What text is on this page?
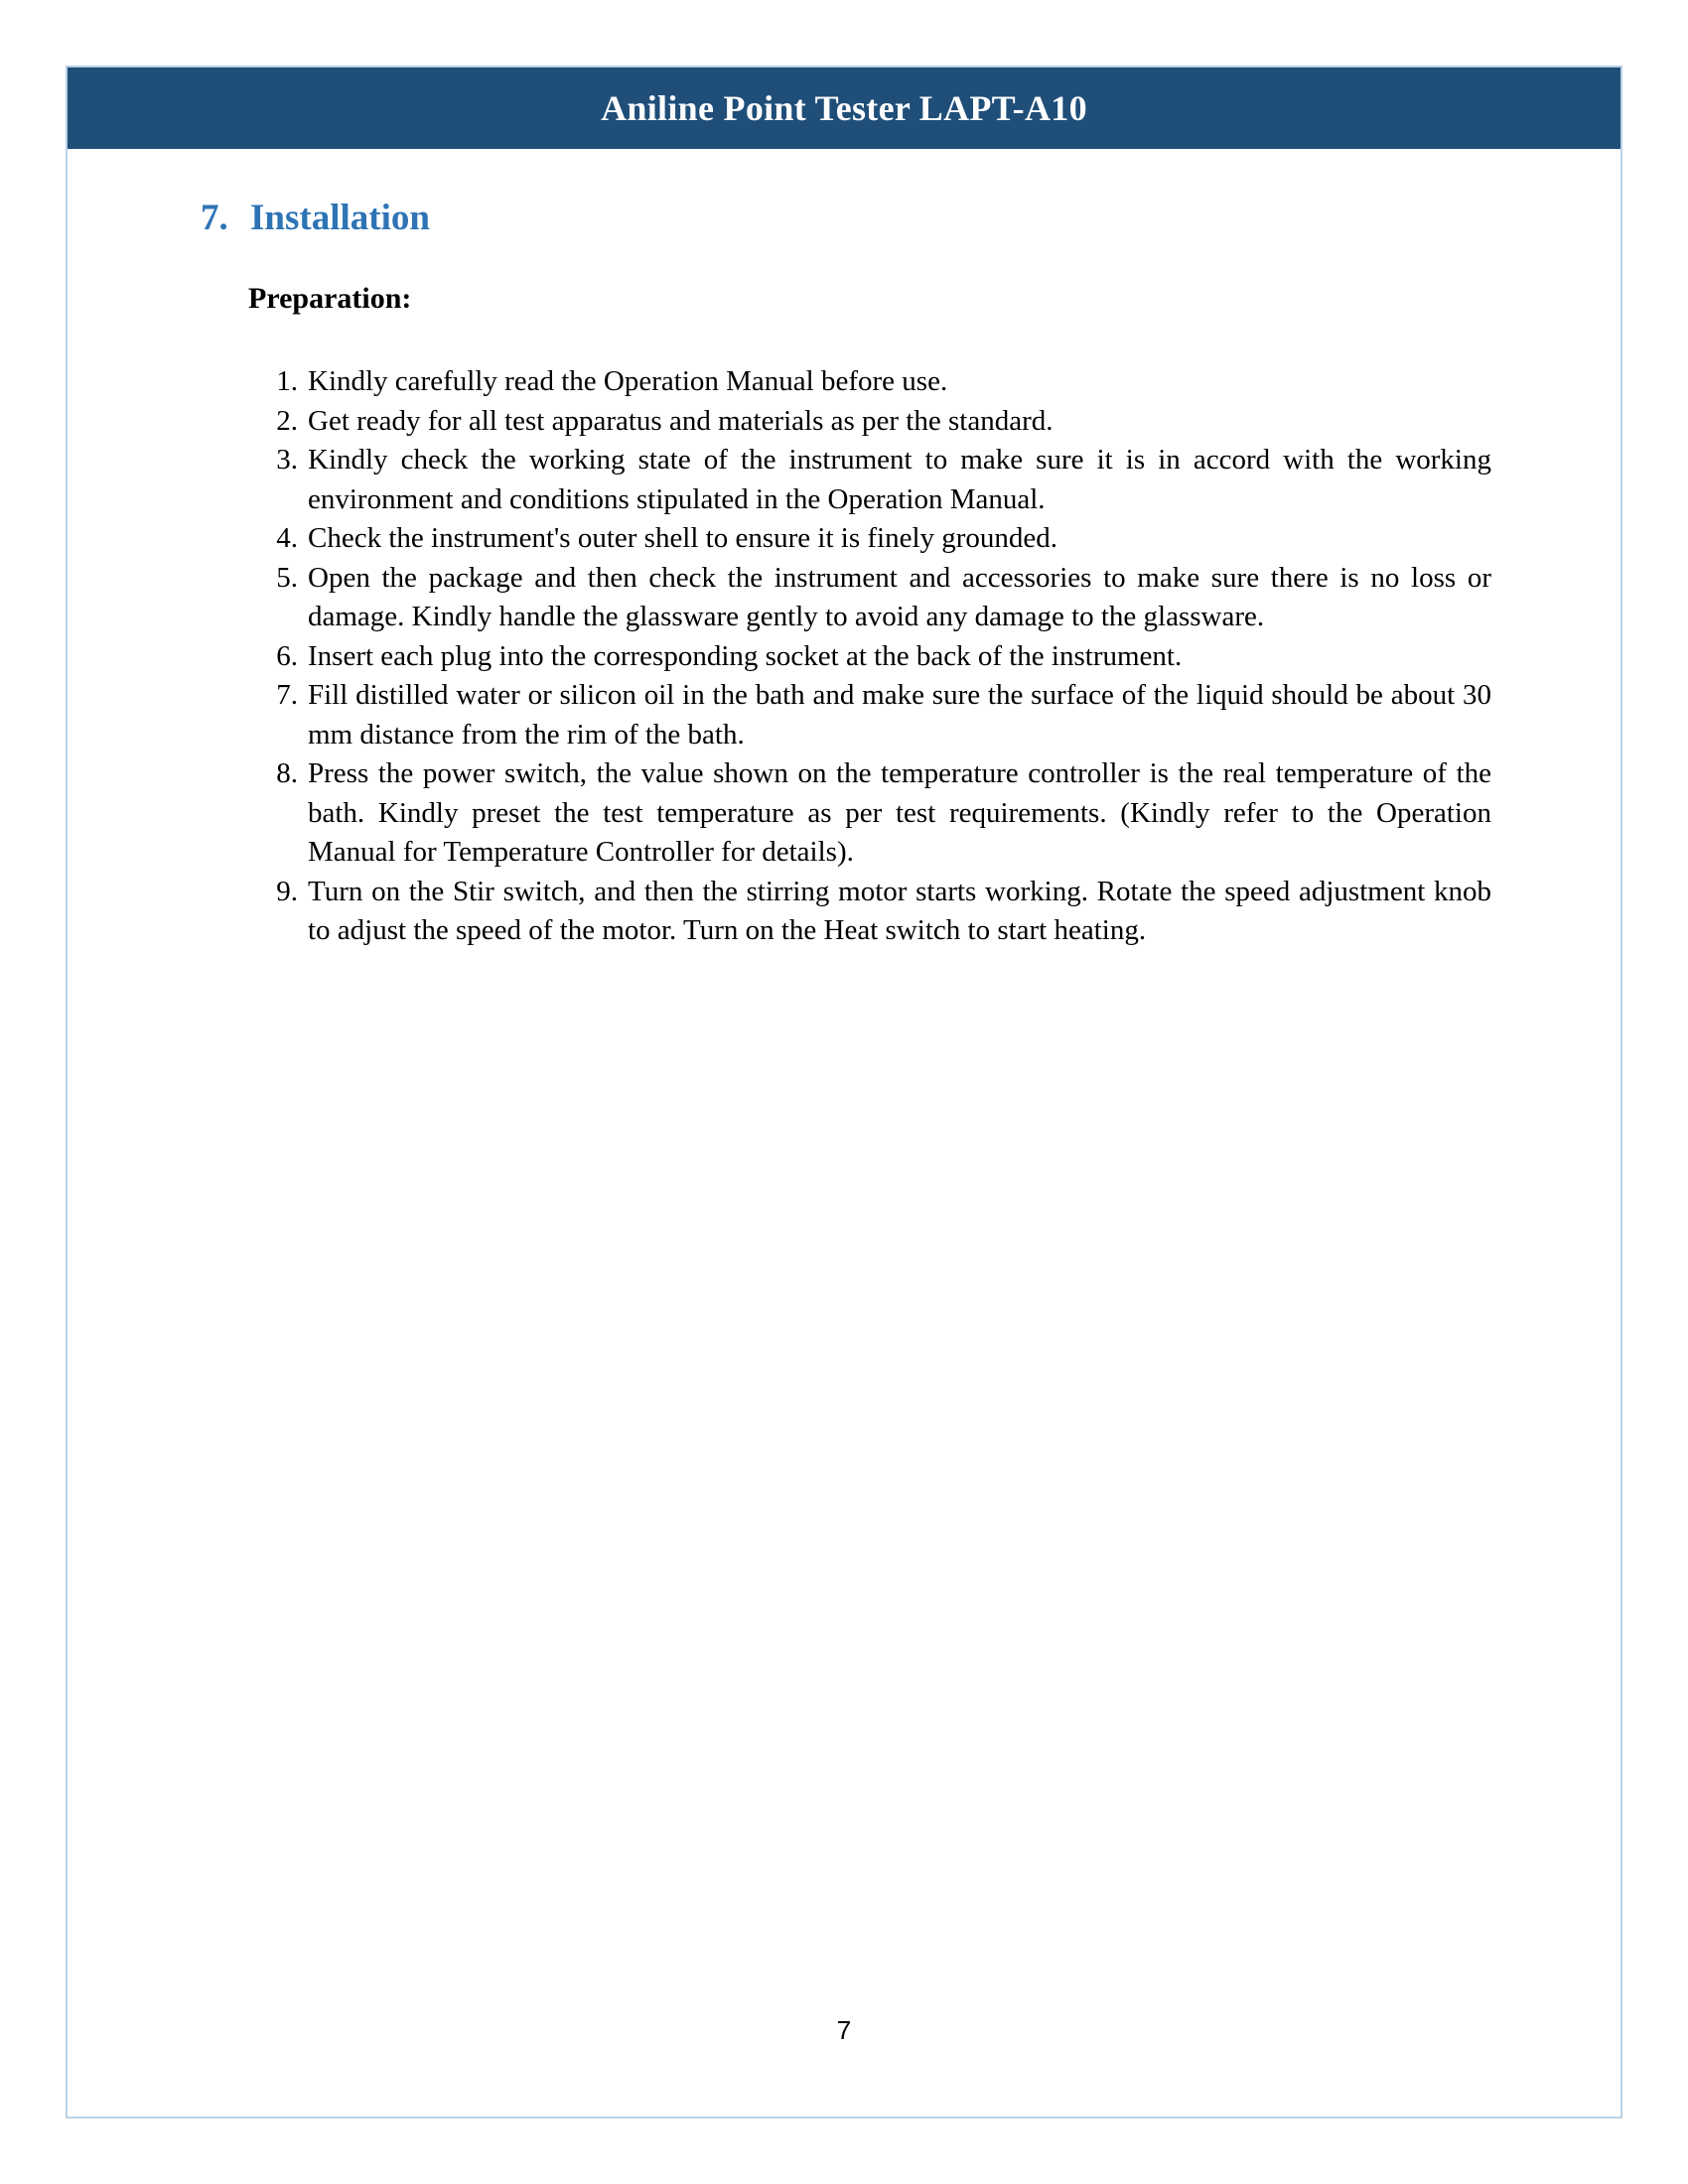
Aniline Point Tester LAPT-A10
7. Installation
Preparation:
1. Kindly carefully read the Operation Manual before use.
2. Get ready for all test apparatus and materials as per the standard.
3. Kindly check the working state of the instrument to make sure it is in accord with the working environment and conditions stipulated in the Operation Manual.
4. Check the instrument's outer shell to ensure it is finely grounded.
5. Open the package and then check the instrument and accessories to make sure there is no loss or damage. Kindly handle the glassware gently to avoid any damage to the glassware.
6. Insert each plug into the corresponding socket at the back of the instrument.
7. Fill distilled water or silicon oil in the bath and make sure the surface of the liquid should be about 30 mm distance from the rim of the bath.
8. Press the power switch, the value shown on the temperature controller is the real temperature of the bath. Kindly preset the test temperature as per test requirements. (Kindly refer to the Operation Manual for Temperature Controller for details).
9. Turn on the Stir switch, and then the stirring motor starts working. Rotate the speed adjustment knob to adjust the speed of the motor. Turn on the Heat switch to start heating.
7
